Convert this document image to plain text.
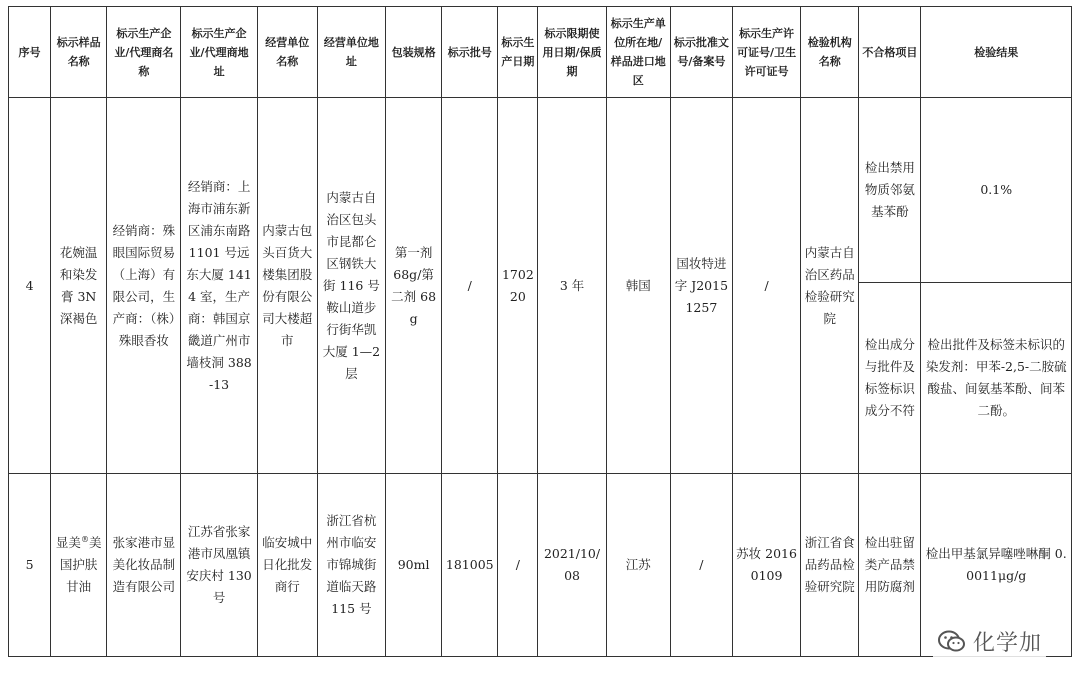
序号	标示样品名称	标示生产企业/代理商名称	标示生产企业/代理商地址	经营单位名称	经营单位地址	包装规格	标示批号	标示生产日期	标示限期使用日期/保质期	标示生产单位所在地/样品进口地区	标示批准文号/备案号	标示生产许可证号/卫生许可证号	检验机构名称	不合格项目	检验结果
4	花婉温和染发膏 3N 深褐色	经销商：殊眼国际贸易（上海）有限公司，生产商：（株）殊眼香妆	经销商：上海市浦东新区浦东南路 1101 号远东大厦 1414 室，生产商：韩国京畿道广州市墙枝洞 388-13	内蒙古包头百货大楼集团股份有限公司大楼超市	内蒙古自治区包头市昆都仑区钢铁大街 116 号鞍山道步行街华凯大厦 1—2 层	第一剂 68g/第二剂 68g	/	170220	3 年	韩国	国妆特进字 J20151257	/	内蒙古自治区药品检验研究院	检出禁用物质邻氨基苯酚	0.1%
														检出成分与批件及标签标识成分不符	检出批件及标签未标识的染发剂：甲苯-2,5-二胺硫酸盐、间氨基苯酚、间苯二酚。
5	显美®美国护肤甘油	张家港市显美化妆品制造有限公司	江苏省张家港市凤凰镇安庆村 130 号	临安城中日化批发商行	浙江省杭州市临安市锦城街道临天路 115 号	90ml	181005	/	2021/10/08	江苏	/	苏妆 20160109	浙江省食品药品检验研究院	检出驻留类产品禁用防腐剂	检出甲基氯异噻唑啉酮 0.0011μg/g
化学加
